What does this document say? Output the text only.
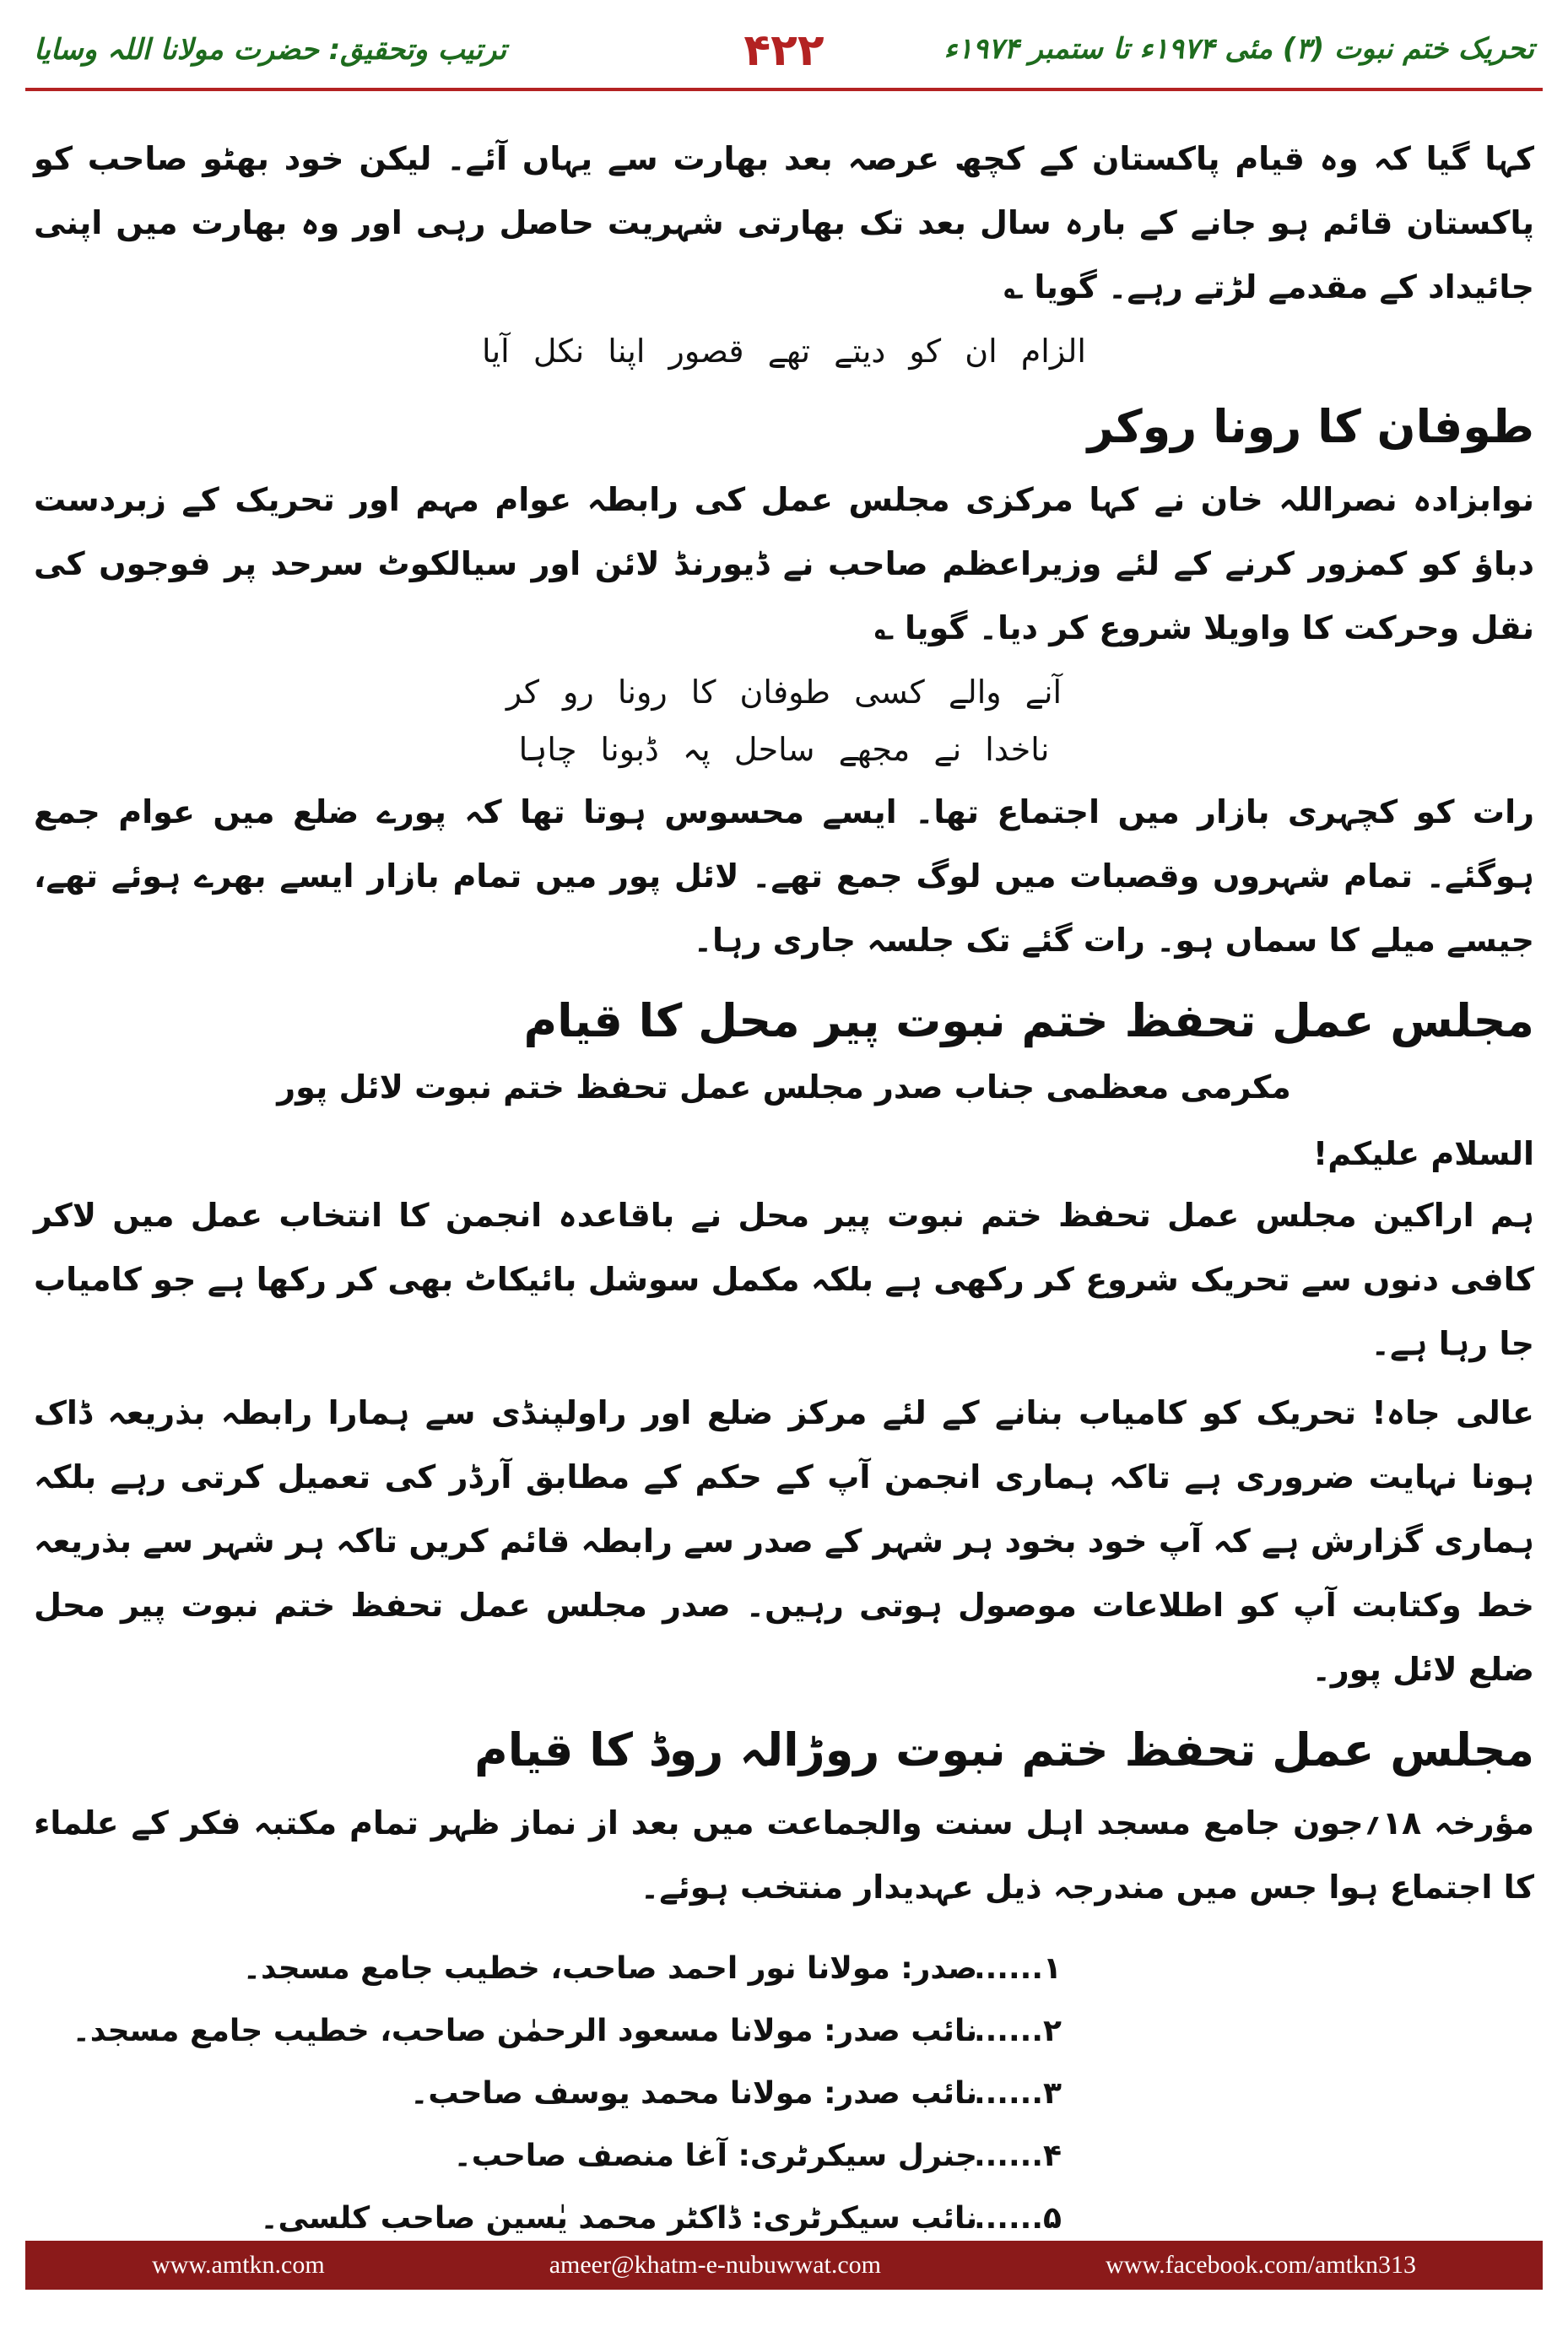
تحریک ختم نبوت (۳) مئی ۱۹۷۴ء تا ستمبر ۱۹۷۴ء
۴۲۲
ترتیب وتحقیق: حضرت مولانا اللہ وسایا

کہا گیا کہ وہ قیام پاکستان کے کچھ عرصہ بعد بھارت سے یہاں آئے۔ لیکن خود بھٹو صاحب کو پاکستان قائم ہو جانے کے بارہ سال بعد تک بھارتی شہریت حاصل رہی اور وہ بھارت میں اپنی جائیداد کے مقدمے لڑتے رہے۔ گویا ؎

الزام ان کو دیتے تھے قصور اپنا نکل آیا

طوفان کا رونا روکر

نوابزادہ نصراللہ خان نے کہا مرکزی مجلس عمل کی رابطہ عوام مہم اور تحریک کے زبردست دباؤ کو کمزور کرنے کے لئے وزیراعظم صاحب نے ڈیورنڈ لائن اور سیالکوٹ سرحد پر فوجوں کی نقل وحرکت کا واویلا شروع کر دیا۔ گویا ؎

آنے والے کسی طوفان کا رونا رو کر

ناخدا نے مجھے ساحل پہ ڈبونا چاہا

رات کو کچہری بازار میں اجتماع تھا۔ ایسے محسوس ہوتا تھا کہ پورے ضلع میں عوام جمع ہوگئے۔ تمام شہروں وقصبات میں لوگ جمع تھے۔ لائل پور میں تمام بازار ایسے بھرے ہوئے تھے، جیسے میلے کا سماں ہو۔ رات گئے تک جلسہ جاری رہا۔

مجلس عمل تحفظ ختم نبوت پیر محل کا قیام

مکرمی معظمی جناب صدر مجلس عمل تحفظ ختم نبوت لائل پور

السلام علیکم!

ہم اراکین مجلس عمل تحفظ ختم نبوت پیر محل نے باقاعدہ انجمن کا انتخاب عمل میں لاکر کافی دنوں سے تحریک شروع کر رکھی ہے بلکہ مکمل سوشل بائیکاٹ بھی کر رکھا ہے جو کامیاب جا رہا ہے۔

عالی جاہ! تحریک کو کامیاب بنانے کے لئے مرکز ضلع اور راولپنڈی سے ہمارا رابطہ بذریعہ ڈاک ہونا نہایت ضروری ہے تاکہ ہماری انجمن آپ کے حکم کے مطابق آرڈر کی تعمیل کرتی رہے بلکہ ہماری گزارش ہے کہ آپ خود بخود ہر شہر کے صدر سے رابطہ قائم کریں تاکہ ہر شہر سے بذریعہ خط وکتابت آپ کو اطلاعات موصول ہوتی رہیں۔ صدر مجلس عمل تحفظ ختم نبوت پیر محل ضلع لائل پور۔

مجلس عمل تحفظ ختم نبوت روڑالہ روڈ کا قیام

مؤرخہ ۱۸؍جون جامع مسجد اہل سنت والجماعت میں بعد از نماز ظہر تمام مکتبہ فکر کے علماء کا اجتماع ہوا جس میں مندرجہ ذیل عہدیدار منتخب ہوئے۔

۱......
صدر: مولانا نور احمد صاحب، خطیب جامع مسجد۔
۲......
نائب صدر: مولانا مسعود الرحمٰن صاحب، خطیب جامع مسجد۔
۳......
نائب صدر: مولانا محمد یوسف صاحب۔
۴......
جنرل سیکرٹری: آغا منصف صاحب۔
۵......
نائب سیکرٹری: ڈاکٹر محمد یٰسین صاحب کلسی۔
www.amtkn.com	ameer@khatm-e-nubuwwat.com	www.facebook.com/amtkn313
